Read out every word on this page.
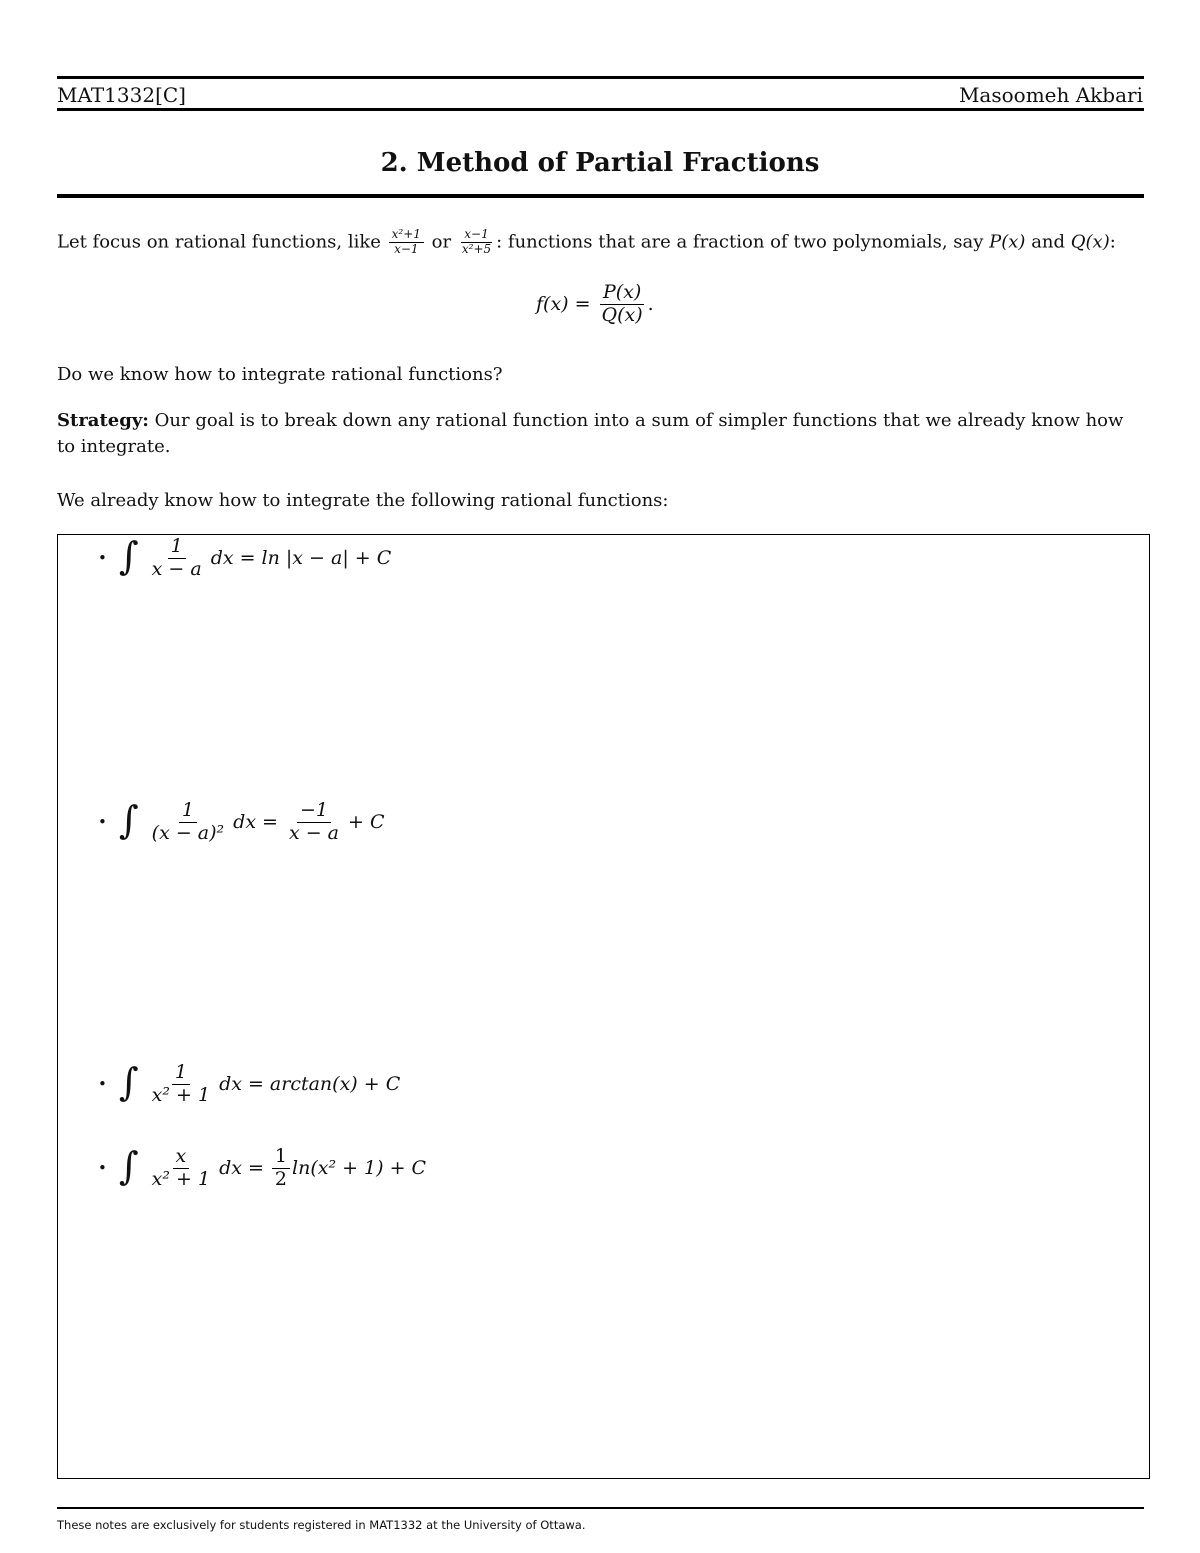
MAT1332[C]	Masoomeh Akbari
2. Method of Partial Fractions
Let focus on rational functions, like $\frac{\text{x²+1}}{x-1}$ or $\frac{x-1}{\text{x²+5}}$ : functions that are a fraction of two polynomials, say P(x) and Q(x):
$f(x) = \frac{P(x)}{Q(x)}$ .
Do we know how to integrate rational functions?
Strategy: Our goal is to break down any rational function into a sum of simpler functions that we already know how to integrate.
We already know how to integrate the following rational functions:
• ∫ $\frac{1}{x - a}$ dx = ln |x − a| + C
• ∫ $\frac{1}{\text{(x − a)²}}$ dx = $\frac{-1}{x - a} + C$
• ∫ $\frac{1}{\text{x² + 1}}$ dx = arctan(x) + C
• ∫ $\frac{x}{\text{x² + 1}}$ dx = $\frac{1}{2} \ln(x^2 + 1) + C$
These notes are exclusively for students registered in MAT1332 at the University of Ottawa.
